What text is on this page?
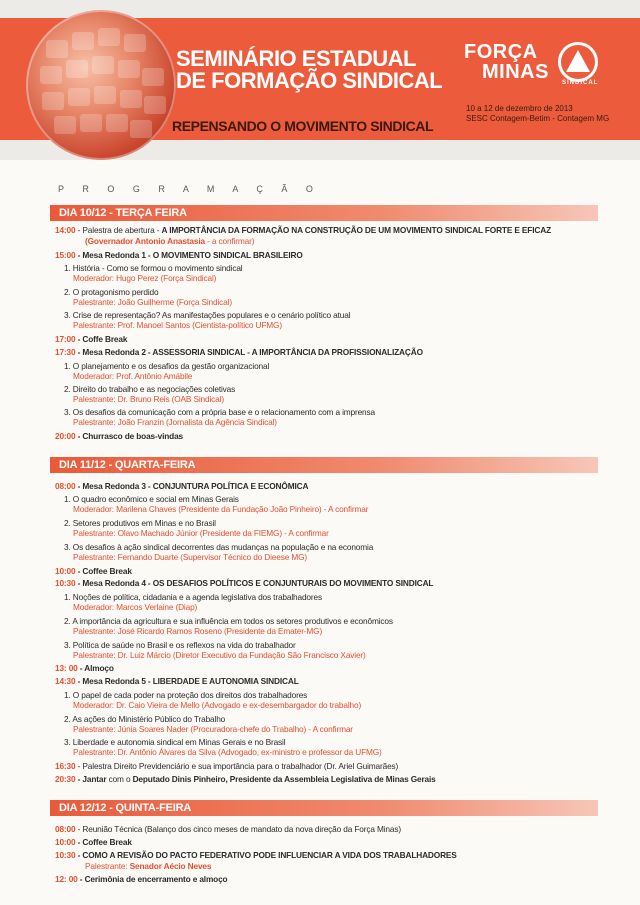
SEMINÁRIO ESTADUAL
DE FORMAÇÃO SINDICAL
REPENSANDO O MOVIMENTO SINDICAL
FORÇA
MINAS SINDICAL
10 a 12 de dezembro de 2013
SESC Contagem-Betim - Contagem MG
P R O G R A M A Ç Ã O
DIA 10/12 - TERÇA FEIRA
14:00 - Palestra de abertura - A IMPORTÂNCIA DA FORMAÇÃO NA CONSTRUÇÃO DE UM MOVIMENTO SINDICAL FORTE E EFICAZ
(Governador Antonio Anastasia - a confirmar)
15:00 - Mesa Redonda 1 - O MOVIMENTO SINDICAL BRASILEIRO
1. História - Como se formou o movimento sindical
Moderador: Hugo Perez (Força Sindical)
2. O protagonismo perdido
Palestrante: João Guilherme (Força Sindical)
3. Crise de representação? As manifestações populares e o cenário político atual
Palestrante: Prof. Manoel Santos (Cientista-político UFMG)
17:00 - Coffe Break
17:30 - Mesa Redonda 2 - ASSESSORIA SINDICAL - A IMPORTÂNCIA DA PROFISSIONALIZAÇÃO
1. O planejamento e os desafios da gestão organizacional
Moderador: Prof. Antônio Amábile
2. Direito do trabalho e as negociações coletivas
Palestrante: Dr. Bruno Reis (OAB Sindical)
3. Os desafios da comunicação com a própria base e o relacionamento com a imprensa
Palestrante: João Franzin (Jornalista da Agência Sindical)
20:00 - Churrasco de boas-vindas
DIA 11/12 - QUARTA-FEIRA
08:00 - Mesa Redonda 3 - CONJUNTURA POLÍTICA E ECONÔMICA
1. O quadro econômico e social em Minas Gerais
Moderador: Marilena Chaves (Presidente da Fundação João Pinheiro) - A confirmar
2. Setores produtivos em Minas e no Brasil
Palestrante: Olavo Machado Júnior (Presidente da FIEMG) - A confirmar
3. Os desafios à ação sindical decorrentes das mudanças na população e na economia
Palestrante: Fernando Duarte (Supervisor Técnico do Dieese MG)
10:00 - Coffee Break
10:30 - Mesa Redonda 4 - OS DESAFIOS POLÍTICOS E CONJUNTURAIS DO MOVIMENTO SINDICAL
1. Noções de política, cidadania e a agenda legislativa dos trabalhadores
Moderador: Marcos Verlaine (Diap)
2. A importância da agricultura e sua influência em todos os setores produtivos e econômicos
Palestrante: José Ricardo Ramos Roseno (Presidente da Emater-MG)
3. Política de saúde no Brasil e os reflexos na vida do trabalhador
Palestrante: Dr. Luiz Márcio (Diretor Executivo da Fundação São Francisco Xavier)
13: 00 - Almoço
14:30 - Mesa Redonda 5 - LIBERDADE E AUTONOMIA SINDICAL
1. O papel de cada poder na proteção dos direitos dos trabalhadores
Moderador: Dr. Caio Vieira de Mello (Advogado e ex-desembargador do trabalho)
2. As ações do Ministério Público do Trabalho
Palestrante: Júnia Soares Nader (Procuradora-chefe do Trabalho) - A confirmar
3. Liberdade e autonomia sindical em Minas Gerais e no Brasil
Palestrante: Dr. Antônio Álvares da Silva (Advogado, ex-ministro e professor da UFMG)
16:30 - Palestra Direito Previdenciário e sua importância para o trabalhador (Dr. Ariel Guimarães)
20:30 - Jantar com o Deputado Dinis Pinheiro, Presidente da Assembleia Legislativa de Minas Gerais
DIA 12/12 - QUINTA-FEIRA
08:00 - Reunião Técnica (Balanço dos cinco meses de mandato da nova direção da Força Minas)
10:00 - Coffee Break
10:30 - COMO A REVISÃO DO PACTO FEDERATIVO PODE INFLUENCIAR A VIDA DOS TRABALHADORES
Palestrante: Senador Aécio Neves
12: 00 - Cerimônia de encerramento e almoço
